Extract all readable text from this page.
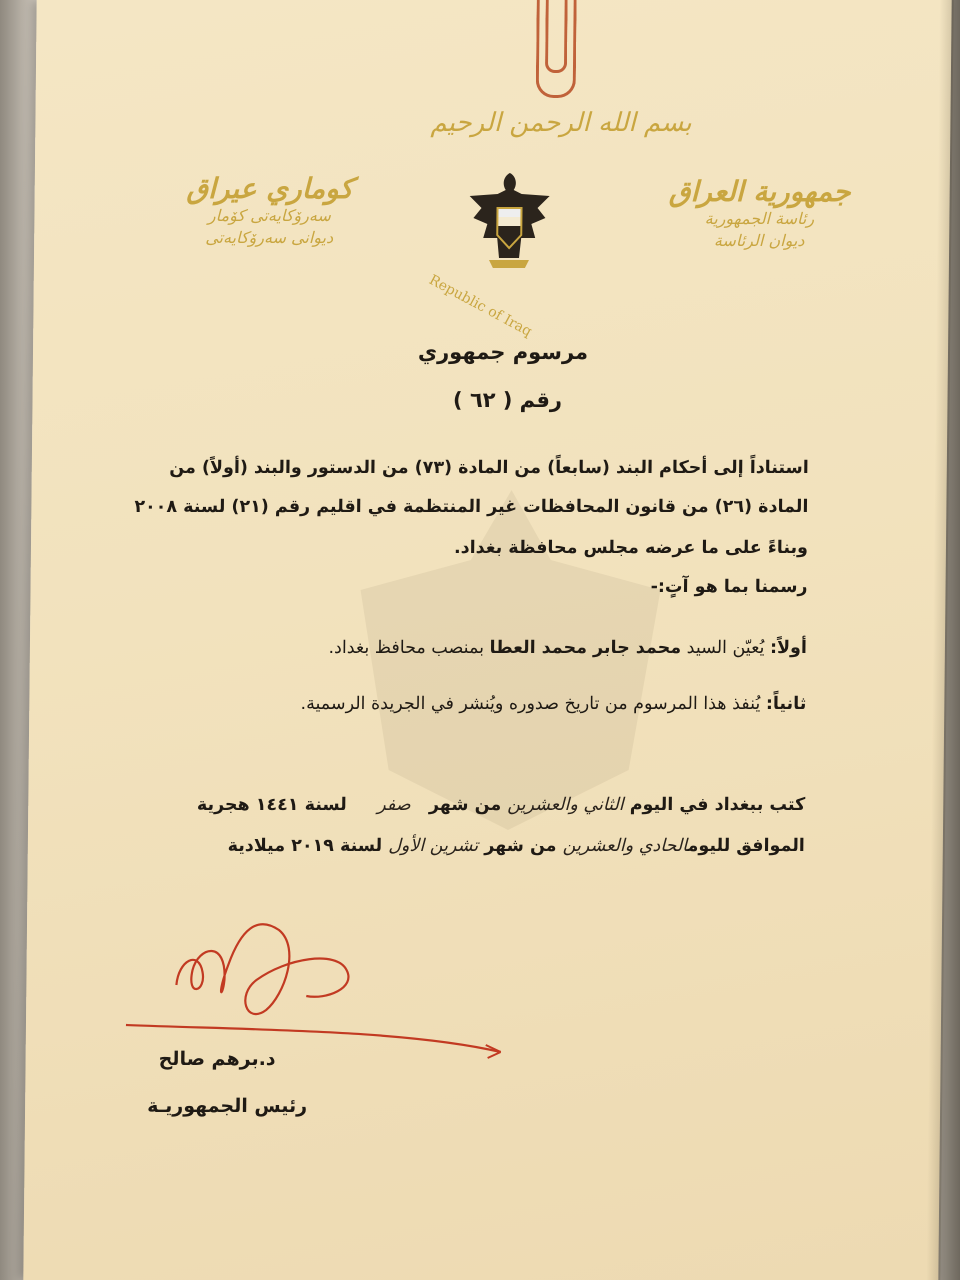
بسم الله الرحمن الرحيم
Republic of Iraq
جمهورية العراق
رئاسة الجمهورية
ديوان الرئاسة
كوماري عيراق
سەرۆکایەتی کۆمار
دیوانی سەرۆکایەتی
مرسوم جمهوري
رقم ( ٦٢ )
استناداً إلى أحكام البند (سابعاً) من المادة (٧٣) من الدستور والبند (أولاً) من
المادة (٢٦) من قانون المحافظات غير المنتظمة في اقليم رقم (٢١) لسنة ٢٠٠٨
وبناءً على ما عرضه مجلس محافظة بغداد.
رسمنا بما هو آتٍ:-
أولاً: يُعيّن السيد محمد جابر محمد العطا بمنصب محافظ بغداد.
ثانياً: يُنفذ هذا المرسوم من تاريخ صدوره ويُنشر في الجريدة الرسمية.
كتب ببغداد في اليوم الثاني والعشرين من شهر   صفر     لسنة ١٤٤١ هجرية
الموافق لليومالحادي والعشرين من شهر تشرين الأول لسنة ٢٠١٩ ميلادية
د.برهم صالح
رئيس الجمهوريـة
